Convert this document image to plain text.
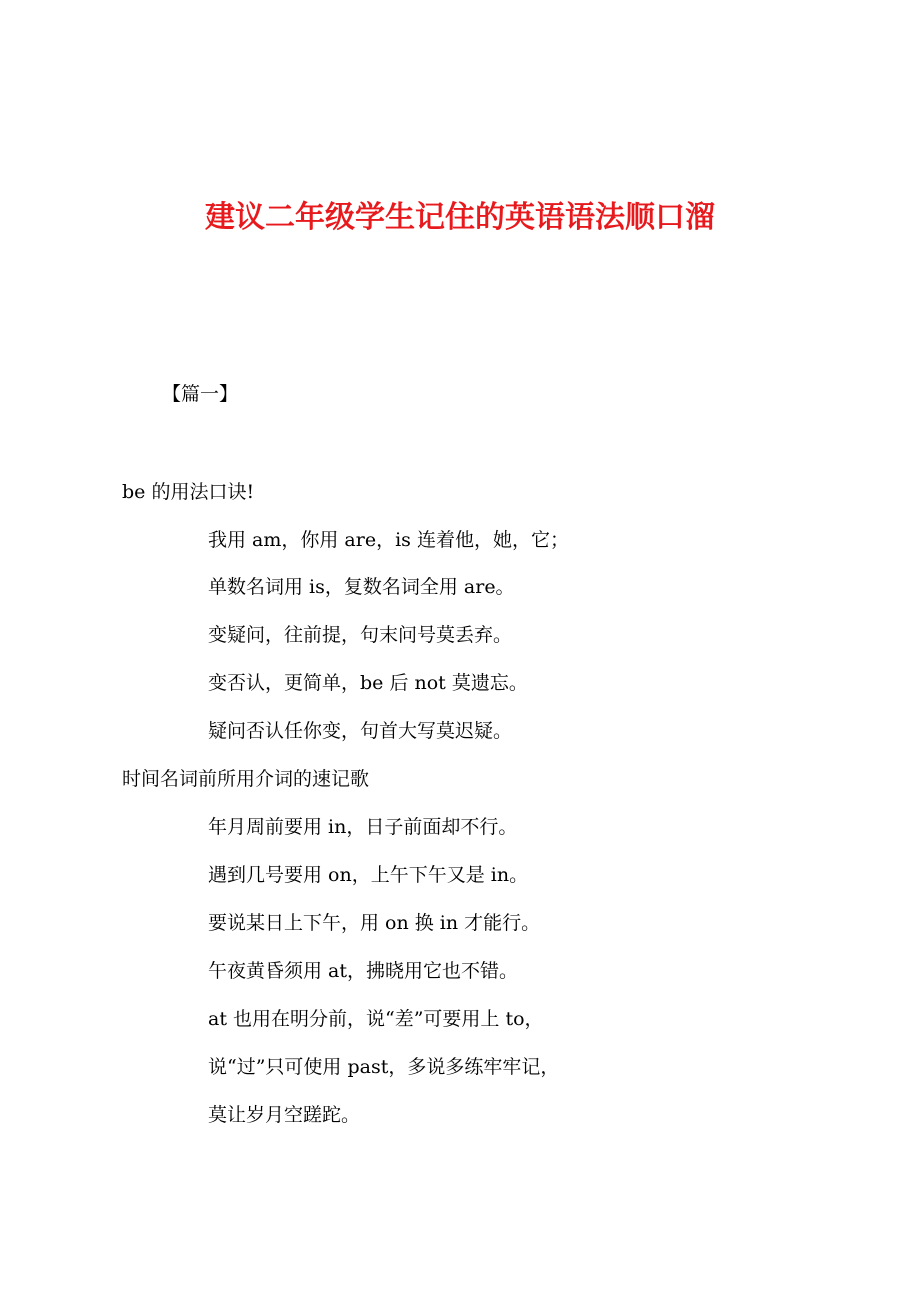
建议二年级学生记住的英语语法顺口溜

【篇一】

be 的用法口诀!

我用 am，你用 are，is 连着他，她，它；

单数名词用 is，复数名词全用 are。

变疑问，往前提，句末问号莫丢弃。

变否认，更简单，be 后 not 莫遗忘。

疑问否认任你变，句首大写莫迟疑。

时间名词前所用介词的速记歌

年月周前要用 in，日子前面却不行。

遇到几号要用 on，上午下午又是 in。

要说某日上下午，用 on 换 in 才能行。

午夜黄昏须用 at，拂晓用它也不错。

at 也用在明分前，说“差”可要用上 to，

说“过”只可使用 past，多说多练牢牢记，

莫让岁月空蹉跎。
